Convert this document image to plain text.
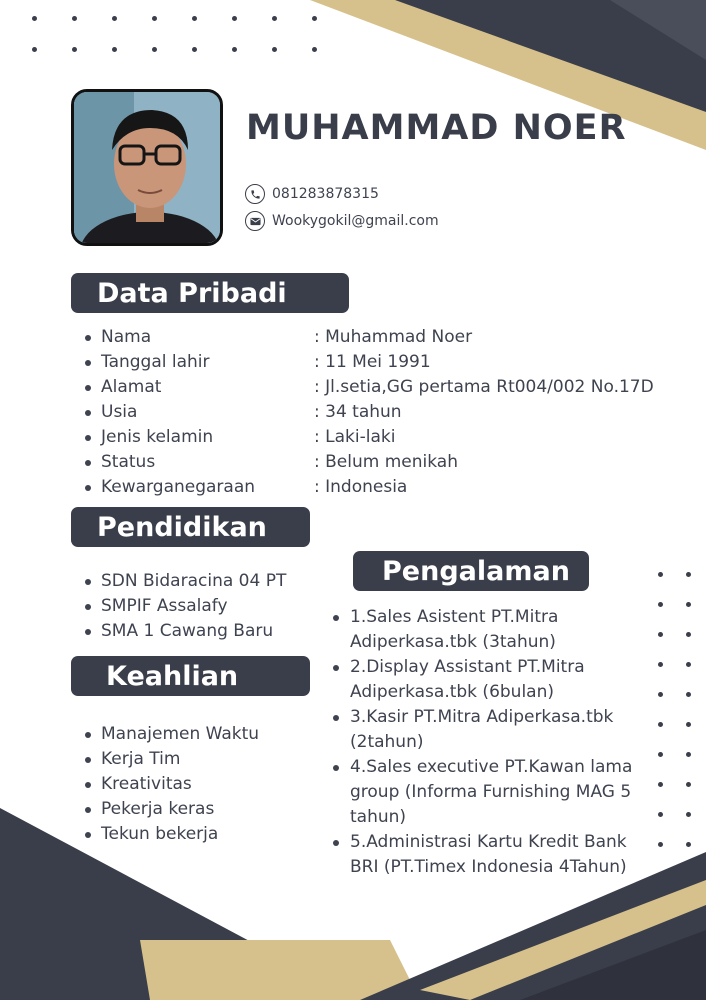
MUHAMMAD NOER
081283878315
Wookygokil@gmail.com
Data Pribadi
Nama	: Muhammad Noer
Tanggal lahir	: 11 Mei 1991
Alamat	: Jl.setia,GG pertama Rt004/002 No.17D
Usia	: 34 tahun
Jenis kelamin	: Laki-laki
Status	: Belum menikah
Kewarganegaraan	: Indonesia
Pendidikan
SDN Bidaracina 04 PT
SMPIF Assalafy
SMA 1 Cawang Baru
Keahlian
Manajemen Waktu
Kerja Tim
Kreativitas
Pekerja keras
Tekun bekerja
Pengalaman
1.Sales Asistent PT.Mitra Adiperkasa.tbk (3tahun)
2.Display Assistant PT.Mitra Adiperkasa.tbk (6bulan)
3.Kasir PT.Mitra Adiperkasa.tbk (2tahun)
4.Sales executive PT.Kawan lama group (Informa Furnishing MAG 5 tahun)
5.Administrasi Kartu Kredit Bank BRI (PT.Timex Indonesia 4Tahun)
